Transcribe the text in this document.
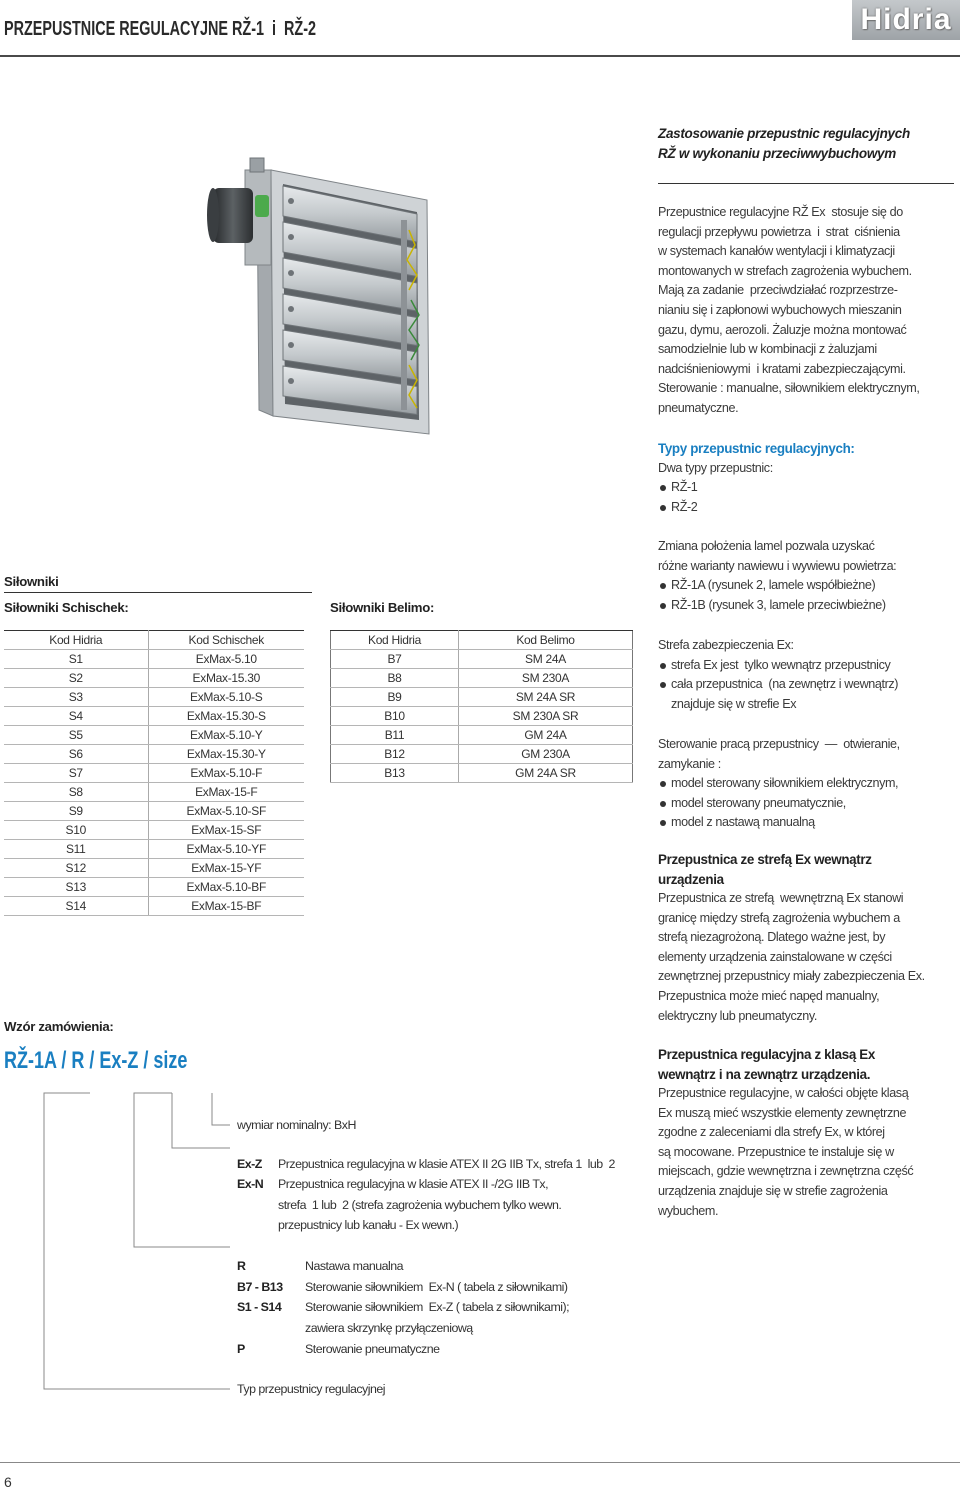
PRZEPUSTNICE REGULACYJNE RŽ-1  i  RŽ-2	Hidria
Zastosowanie przepustnic regulacyjnych
RŽ w wykonaniu przeciwwybuchowym
Przepustnice regulacyjne RŽ Ex  stosuje się do
regulacji przepływu powietrza  i  strat  ciśnienia
w systemach kanałów wentylacji i klimatyzacji
montowanych w strefach zagrożenia wybuchem.
Mają za zadanie  przeciwdziałać rozprzestrze-
nianiu się i zapłonowi wybuchowych mieszanin
gazu, dymu, aerozoli. Żaluzje można montować
samodzielnie lub w kombinacji z żaluzjami
nadciśnieniowymi  i kratami zabezpieczającymi.
Sterowanie : manualne, siłownikiem elektrycznym,
pneumatyczne.
Typy przepustnic regulacyjnych:
Dwa typy przepustnic:
RŽ-1
RŽ-2
Zmiana położenia lamel pozwala uzyskać
różne warianty nawiewu i wywiewu powietrza:
RŽ-1A (rysunek 2, lamele współbieżne)
RŽ-1B (rysunek 3, lamele przeciwbieżne)
Strefa zabezpieczenia Ex:
strefa Ex jest  tylko wewnątrz przepustnicy
cała przepustnica  (na zewnętrz i wewnątrz)
znajduje się w strefie Ex
Sterowanie pracą przepustnicy  —  otwieranie,
zamykanie :
model sterowany siłownikiem elektrycznym,
model sterowany pneumatycznie,
model z nastawą manualną
Przepustnica ze strefą Ex wewnątrz
urządzenia
Przepustnica ze strefą  wewnętrzną Ex stanowi
granicę między strefą zagrożenia wybuchem a
strefą niezagrożoną. Dlatego ważne jest, by
elementy urządzenia zainstalowane w części
zewnętrznej przepustnicy miały zabezpieczenia Ex.
Przepustnica może mieć napęd manualny,
elektryczny lub pneumatyczny.
Przepustnica regulacyjna z klasą Ex
wewnątrz i na zewnątrz urządzenia.
Przepustnice regulacyjne, w całości objęte klasą
Ex muszą mieć wszystkie elementy zewnętrzne
zgodne z zaleceniami dla strefy Ex, w której
są mocowane. Przepustnice te instaluje się w
miejscach, gdzie wewnętrzna i zewnętrzna część
urządzenia znajduje się w strefie zagrożenia
wybuchem.
Siłowniki
Siłowniki Schischek:	Siłowniki Belimo:
Kod Hidria	Kod Schischek
S1	ExMax-5.10
S2	ExMax-15.30
S3	ExMax-5.10-S
S4	ExMax-15.30-S
S5	ExMax-5.10-Y
S6	ExMax-15.30-Y
S7	ExMax-5.10-F
S8	ExMax-15-F
S9	ExMax-5.10-SF
S10	ExMax-15-SF
S11	ExMax-5.10-YF
S12	ExMax-15-YF
S13	ExMax-5.10-BF
S14	ExMax-15-BF
Kod Hidria	Kod Belimo
B7	SM 24A
B8	SM 230A
B9	SM 24A SR
B10	SM 230A SR
B11	GM 24A
B12	GM 230A
B13	GM 24A SR
Wzór zamówienia:
RŽ-1A / R / Ex-Z / size
wymiar nominalny: BxH
Ex-Z	Przepustnica regulacyjna w klasie ATEX II 2G IIB Tx, strefa 1  lub  2
Ex-N	Przepustnica regulacyjna w klasie ATEX II -/2G IIB Tx,
strefa  1 lub  2 (strefa zagrożenia wybuchem tylko wewn.
przepustnicy lub kanału - Ex wewn.)
R	Nastawa manualna
B7 - B13	Sterowanie siłownikiem  Ex-N ( tabela z siłownikami)
S1 - S14	Sterowanie siłownikiem  Ex-Z ( tabela z siłownikami);
zawiera skrzynkę przyłączeniową
P	Sterowanie pneumatyczne
Typ przepustnicy regulacyjnej
6
